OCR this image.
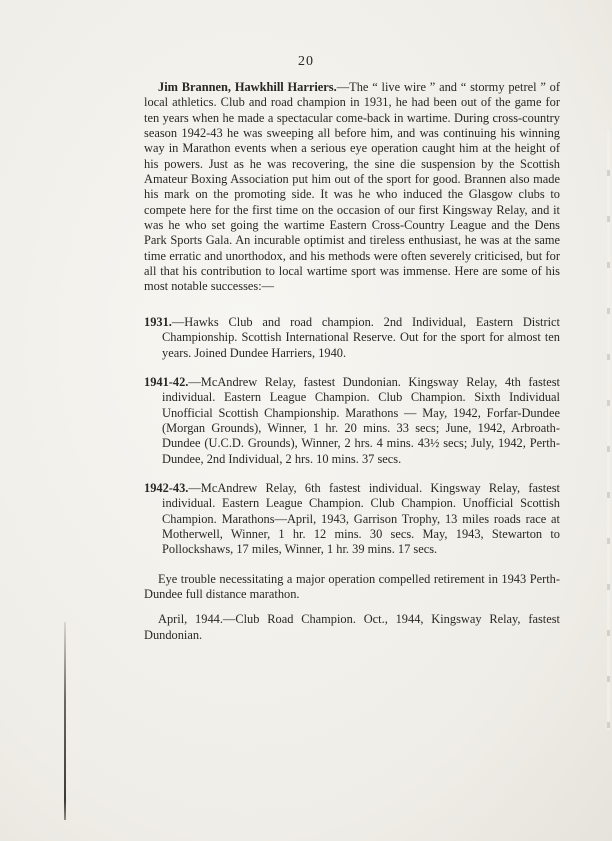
20

Jim Brannen, Hawkhill Harriers.—The “ live wire ” and “ stormy petrel ” of local athletics. Club and road champion in 1931, he had been out of the game for ten years when he made a spectacular come-back in wartime. During cross-country season 1942-43 he was sweeping all before him, and was continuing his winning way in Marathon events when a serious eye operation caught him at the height of his powers. Just as he was recovering, the sine die suspension by the Scottish Amateur Boxing Association put him out of the sport for good. Brannen also made his mark on the promoting side. It was he who induced the Glasgow clubs to compete here for the first time on the occasion of our first Kingsway Relay, and it was he who set going the wartime Eastern Cross-Country League and the Dens Park Sports Gala. An incurable optimist and tireless enthusiast, he was at the same time erratic and unorthodox, and his methods were often severely criticised, but for all that his contribution to local wartime sport was immense. Here are some of his most notable successes:—

1931.—Hawks Club and road champion. 2nd Individual, Eastern District Championship. Scottish International Reserve. Out for the sport for almost ten years. Joined Dundee Harriers, 1940.

1941-42.—McAndrew Relay, fastest Dundonian. Kingsway Relay, 4th fastest individual. Eastern League Champion. Club Champion. Sixth Individual Unofficial Scottish Championship. Marathons — May, 1942, Forfar-Dundee (Morgan Grounds), Winner, 1 hr. 20 mins. 33 secs; June, 1942, Arbroath-Dundee (U.C.D. Grounds), Winner, 2 hrs. 4 mins. 43½ secs; July, 1942, Perth-Dundee, 2nd Individual, 2 hrs. 10 mins. 37 secs.

1942-43.—McAndrew Relay, 6th fastest individual. Kingsway Relay, fastest individual. Eastern League Champion. Club Champion. Unofficial Scottish Champion. Marathons—April, 1943, Garrison Trophy, 13 miles roads race at Motherwell, Winner, 1 hr. 12 mins. 30 secs. May, 1943, Stewarton to Pollockshaws, 17 miles, Winner, 1 hr. 39 mins. 17 secs.

Eye trouble necessitating a major operation compelled retirement in 1943 Perth-Dundee full distance marathon.

April, 1944.—Club Road Champion. Oct., 1944, Kingsway Relay, fastest Dundonian.
